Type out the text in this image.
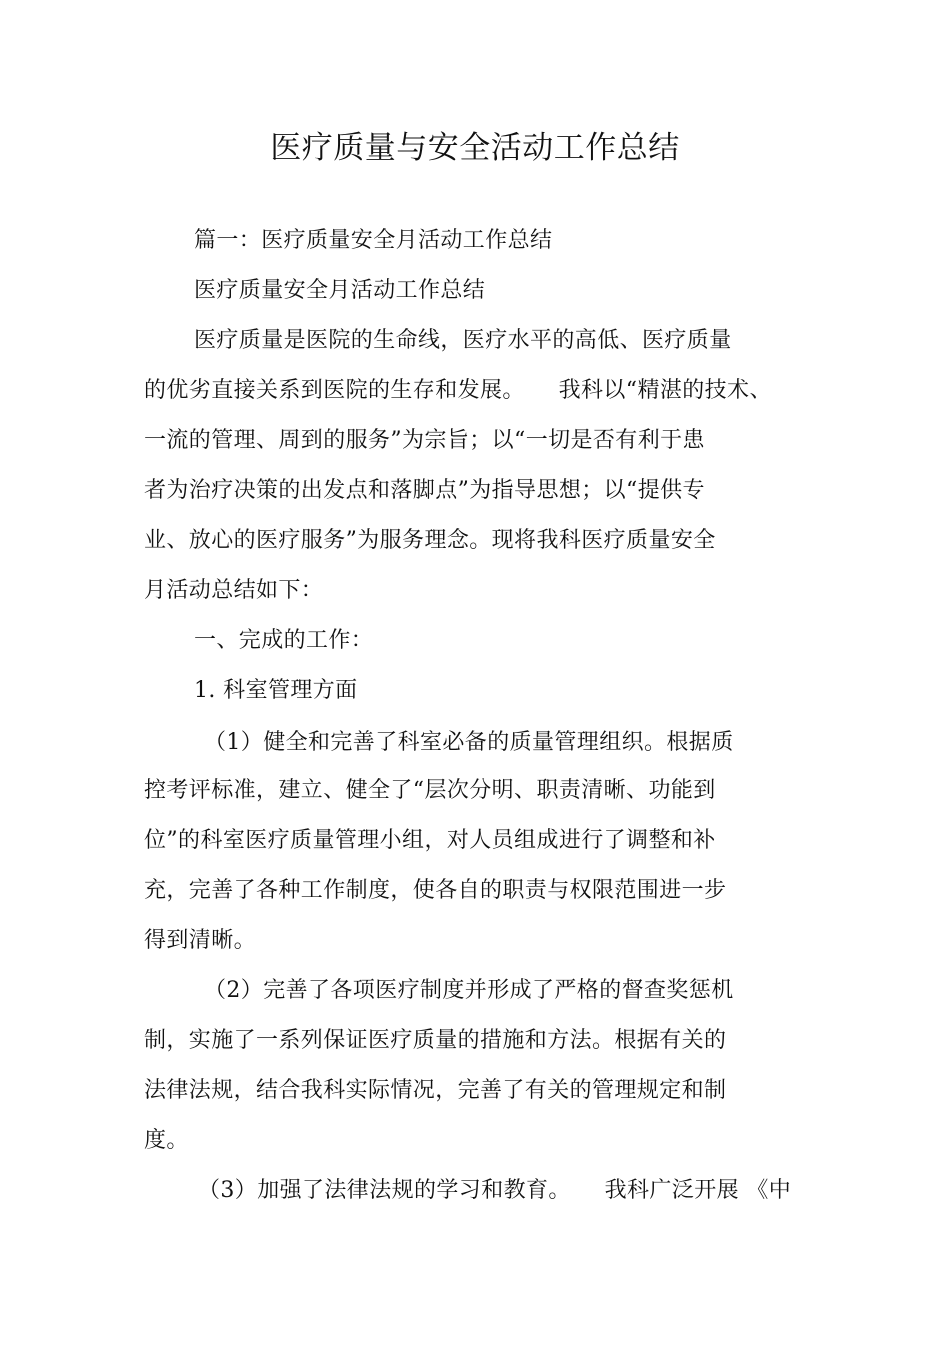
医疗质量与安全活动工作总结
篇一：医疗质量安全月活动工作总结
医疗质量安全月活动工作总结
医疗质量是医院的生命线，医疗水平的高低、医疗质量
的优劣直接关系到医院的生存和发展。　　我科以“精湛的技术、
一流的管理、周到的服务”为宗旨；以“一切是否有利于患
者为治疗决策的出发点和落脚点”为指导思想；以“提供专
业、放心的医疗服务”为服务理念。现将我科医疗质量安全
月活动总结如下：
一、完成的工作：
1. 科室管理方面
（1）健全和完善了科室必备的质量管理组织。根据质
控考评标准，建立、健全了“层次分明、职责清晰、功能到
位”的科室医疗质量管理小组，对人员组成进行了调整和补
充，完善了各种工作制度，使各自的职责与权限范围进一步
得到清晰。
（2）完善了各项医疗制度并形成了严格的督查奖惩机
制，实施了一系列保证医疗质量的措施和方法。根据有关的
法律法规，结合我科实际情况，完善了有关的管理规定和制
度。
（3）加强了法律法规的学习和教育。　　我科广泛开展 《中
